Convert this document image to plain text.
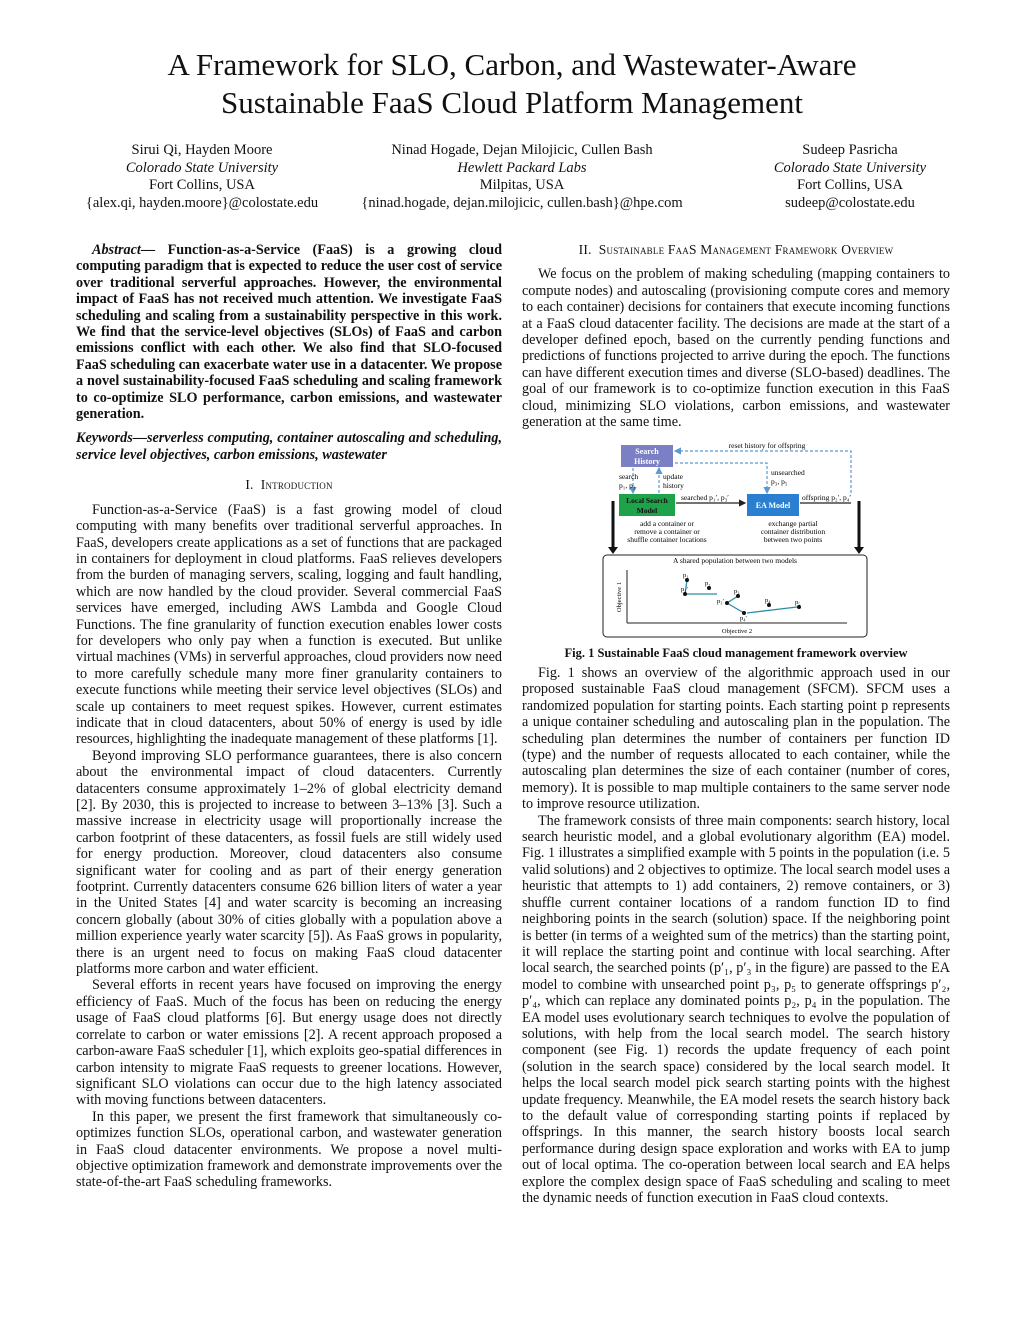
A Framework for SLO, Carbon, and Wastewater-Aware
Sustainable FaaS Cloud Platform Management
Sirui Qi, Hayden Moore
Colorado State University
Fort Collins, USA
{alex.qi, hayden.moore}@colostate.edu
Ninad Hogade, Dejan Milojicic, Cullen Bash
Hewlett Packard Labs
Milpitas, USA
{ninad.hogade, dejan.milojicic, cullen.bash}@hpe.com
Sudeep Pasricha
Colorado State University
Fort Collins, USA
sudeep@colostate.edu

Abstract— Function-as-a-Service (FaaS) is a growing cloud computing paradigm that is expected to reduce the user cost of service over traditional serverful approaches. However, the environmental impact of FaaS has not received much attention. We investigate FaaS scheduling and scaling from a sustainability perspective in this work. We find that the service-level objectives (SLOs) of FaaS and carbon emissions conflict with each other. We also find that SLO-focused FaaS scheduling can exacerbate water use in a datacenter. We propose a novel sustainability-focused FaaS scheduling and scaling framework to co-optimize SLO performance, carbon emissions, and wastewater generation.

Keywords—serverless computing, container autoscaling and scheduling, service level objectives, carbon emissions, wastewater

I. Introduction

Function-as-a-Service (FaaS) is a fast growing model of cloud computing with many benefits over traditional serverful approaches. In FaaS, developers create applications as a set of functions that are packaged in containers for deployment in cloud platforms. FaaS relieves developers from the burden of managing servers, scaling, logging and fault handling, which are now handled by the cloud provider. Several commercial FaaS services have emerged, including AWS Lambda and Google Cloud Functions. The fine granularity of function execution enables lower costs for developers who only pay when a function is executed. But unlike virtual machines (VMs) in serverful approaches, cloud providers now need to more carefully schedule many more finer granularity containers to execute functions while meeting their service level objectives (SLOs) and scale up containers to meet request spikes. However, current estimates indicate that in cloud datacenters, about 50% of energy is used by idle resources, highlighting the inadequate management of these platforms [1].

Beyond improving SLO performance guarantees, there is also concern about the environmental impact of cloud datacenters. Currently datacenters consume approximately 1–2% of global electricity demand [2]. By 2030, this is projected to increase to between 3–13% [3]. Such a massive increase in electricity usage will proportionally increase the carbon footprint of these datacenters, as fossil fuels are still widely used for energy production. Moreover, cloud datacenters also consume significant water for cooling and as part of their energy generation footprint. Currently datacenters consume 626 billion liters of water a year in the United States [4] and water scarcity is becoming an increasing concern globally (about 30% of cities globally with a population above a million experience yearly water scarcity [5]). As FaaS grows in popularity, there is an urgent need to focus on making FaaS cloud datacenter platforms more carbon and water efficient.

Several efforts in recent years have focused on improving the energy efficiency of FaaS. Much of the focus has been on reducing the energy usage of FaaS cloud platforms [6]. But energy usage does not directly correlate to carbon or water emissions [2]. A recent approach proposed a carbon-aware FaaS scheduler [1], which exploits geo-spatial differences in carbon intensity to migrate FaaS requests to greener locations. However, significant SLO violations can occur due to the high latency associated with moving functions between datacenters.

In this paper, we present the first framework that simultaneously co-optimizes function SLOs, operational carbon, and wastewater generation in FaaS cloud datacenter environments. We propose a novel multi-objective optimization framework and demonstrate improvements over the state-of-the-art FaaS scheduling frameworks.

II. Sustainable FaaS Management Framework Overview

We focus on the problem of making scheduling (mapping containers to compute nodes) and autoscaling (provisioning compute cores and memory to each container) decisions for containers that execute incoming functions at a FaaS cloud datacenter facility. The decisions are made at the start of a developer defined epoch, based on the currently pending functions and predictions of functions projected to arrive during the epoch. The functions can have different execution times and diverse (SLO-based) deadlines. The goal of our framework is to co-optimize function execution in this FaaS cloud, minimizing SLO violations, carbon emissions, and wastewater generation at the same time.

Search
History
reset history for offspring
search
p₁, p₃
update
history
unsearched
p₃, p₅
Local Search
Model
searched p₁′, p₃′
EA Model
offspring p₂′, p₄′
add a container or
remove a container or
shuffle container locations
exchange partial
container distribution
between two points
A shared population between two models
Objective 1
Objective 2
p₁
p₁′
p₂
p₃
p₃′
p₄′
p₄	p₅
Fig. 1 Sustainable FaaS cloud management framework overview

Fig. 1 shows an overview of the algorithmic approach used in our proposed sustainable FaaS cloud management (SFCM). SFCM uses a randomized population for starting points. Each starting point p represents a unique container scheduling and autoscaling plan in the population. The scheduling plan determines the number of containers per function ID (type) and the number of requests allocated to each container, while the autoscaling plan determines the size of each container (number of cores, memory). It is possible to map multiple containers to the same server node to improve resource utilization.

The framework consists of three main components: search history, local search heuristic model, and a global evolutionary algorithm (EA) model. Fig. 1 illustrates a simplified example with 5 points in the population (i.e. 5 valid solutions) and 2 objectives to optimize. The local search model uses a heuristic that attempts to 1) add containers, 2) remove containers, or 3) shuffle current container locations of a random function ID to find neighboring points in the search (solution) space. If the neighboring point is better (in terms of a weighted sum of the metrics) than the starting point, it will replace the starting point and continue with local searching. After local search, the searched points (p′₁, p′₃ in the figure) are passed to the EA model to combine with unsearched point p₃, p₅ to generate offsprings p′₂, p′₄, which can replace any dominated points p₂, p₄ in the population. The EA model uses evolutionary search techniques to evolve the population of solutions, with help from the local search model. The search history component (see Fig. 1) records the update frequency of each point (solution in the search space) considered by the local search model. It helps the local search model pick search starting points with the highest update frequency. Meanwhile, the EA model resets the search history back to the default value of corresponding starting points if replaced by offsprings. In this manner, the search history boosts local search performance during design space exploration and works with EA to jump out of local optima. The co-operation between local search and EA helps explore the complex design space of FaaS scheduling and scaling to meet the dynamic needs of function execution in FaaS cloud contexts.
